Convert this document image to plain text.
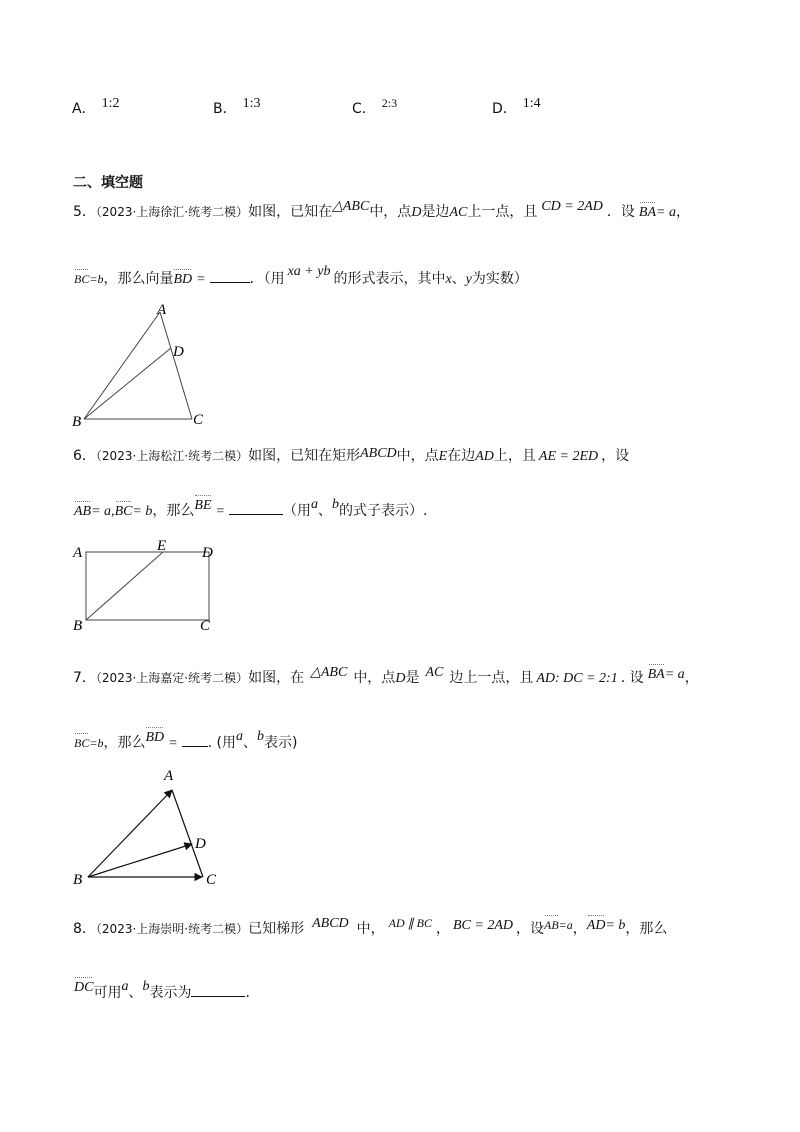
A． 1:2	B． 1:3	C． 2:3	D． 1:4
二、填空题
5．（2023·上海徐汇·统考二模）如图，已知在△ABC中，点D是边AC上一点，且 CD = 2AD ．设 BA= a，
BC=b，那么向量BD =	．（用 xa + yb 的形式表示，其中x、y为实数）
A
D
B	C
6．（2023·上海松江·统考二模）如图，已知在矩形ABCD中，点E在边AD上，且 AE = 2ED ，设
AB= a,BC= b，那么BE =	（用a、b的式子表示）.
A	E D
B	C
7．（2023·上海嘉定·统考二模）如图，在 △ABC 中，点D是 AC 边上一点，且 AD: DC = 2:1 . 设 BA= a，
BC=b，那么BD = . (用a、b表示)
A
B	C
D
8．（2023·上海崇明·统考二模）已知梯形 ABCD 中， AD ∥ BC ， BC = 2AD ，设AB=a，AD= b，那么
DC可用a、b表示为	.
